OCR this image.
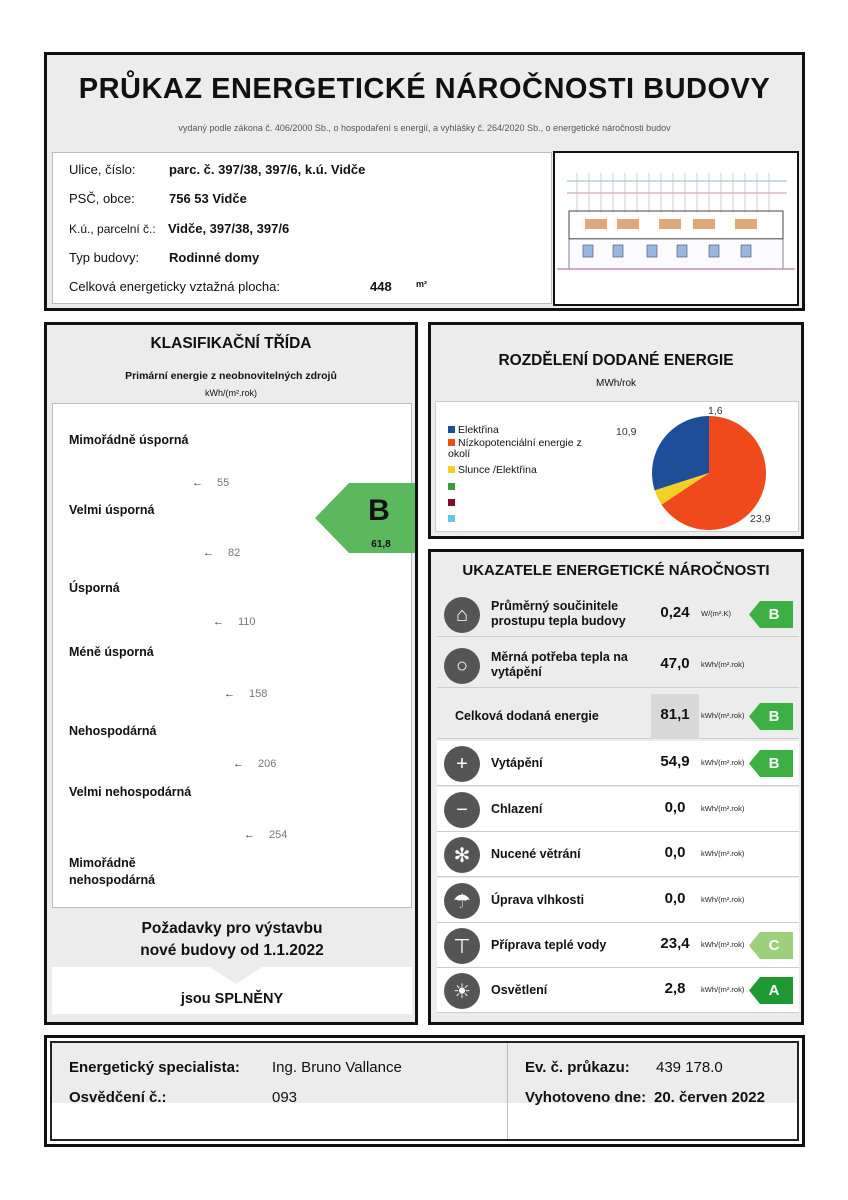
PRŮKAZ ENERGETICKÉ NÁROČNOSTI BUDOVY
vydaný podle zákona č. 406/2000 Sb., o hospodaření s energií, a vyhlášky č. 264/2020 Sb., o energetické náročnosti budov
Ulice, číslo:	parc. č. 397/38, 397/6, k.ú. Vidče
PSČ, obce:	756 53 Vidče
K.ú., parcelní č.: Vidče, 397/38, 397/6
Typ budovy: Rodinné domy
Celková energeticky vztažná plocha:	448	m²
KLASIFIKAČNÍ TŘÍDA
Primární energie z neobnovitelných zdrojů
kWh/(m².rok)
Mimořádně úsporná
← 55
Velmi úsporná
← 82
Úsporná
← 110
Méně úsporná
← 158
Nehospodárná
← 206
Velmi nehospodárná
← 254
Mimořádně nehospodárná
B
61,8
Požadavky pro výstavbu
nové budovy od 1.1.2022
jsou SPLNĚNY
ROZDĚLENÍ DODANÉ ENERGIE
MWh/rok
Elektřina
Nízkopotenciální energie z okolí
Slunce /Elektřina
10,9
23,9
1,6
UKAZATELE ENERGETICKÉ NÁROČNOSTI
⌂	Průměrný součinitele
prostupu tepla budovy	0,24	W/(m².K)	B
○	Měrná potřeba tepla na
vytápění	47,0	kWh/(m².rok)
Celková dodaná energie	81,1	kWh/(m².rok)	B
+	Vytápění	54,9	kWh/(m².rok)	B
−	Chlazení	0,0	kWh/(m².rok)
✻	Nucené větrání	0,0	kWh/(m².rok)
☂	Úprava vlhkosti	0,0	kWh/(m².rok)
⊤	Příprava teplé vody	23,4	kWh/(m².rok)	C
☀	Osvětlení	2,8	kWh/(m².rok)	A
Energetický specialista: Ing. Bruno Vallance
Osvědčení č.:	093
Ev. č. průkazu: 439 178.0
Vyhotoveno dne: 20. červen 2022
